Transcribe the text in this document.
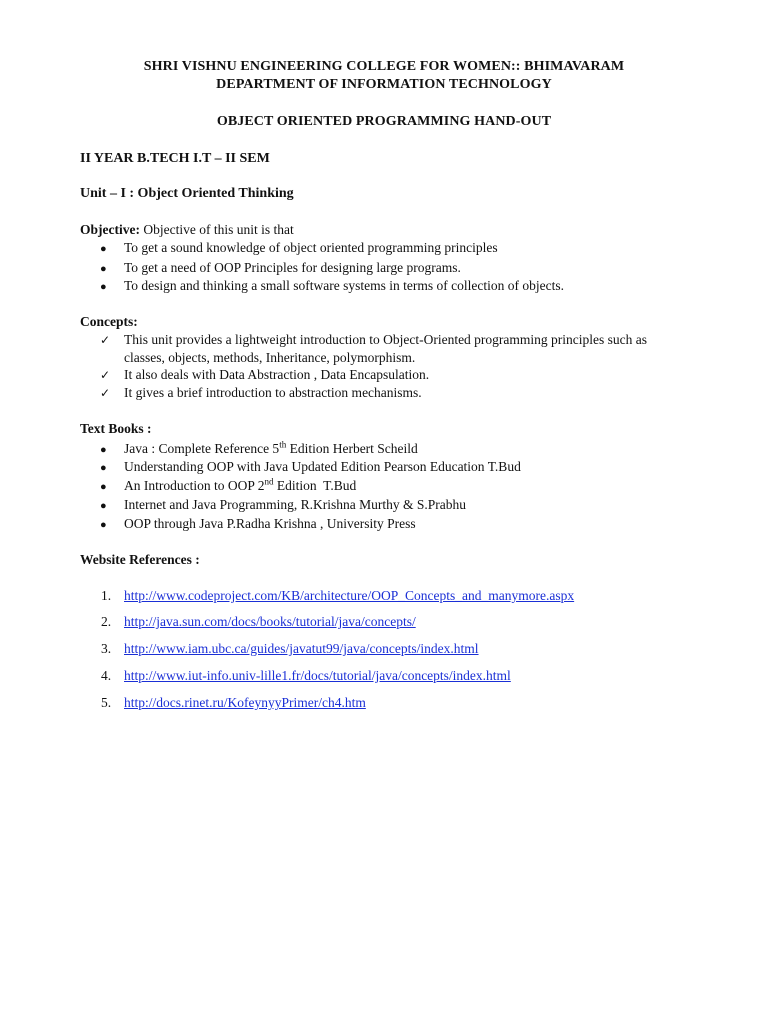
SHRI VISHNU ENGINEERING COLLEGE FOR WOMEN:: BHIMAVARAM
DEPARTMENT OF INFORMATION TECHNOLOGY
OBJECT ORIENTED PROGRAMMING HAND-OUT
II YEAR B.TECH I.T – II SEM
Unit – I : Object Oriented Thinking
Objective: Objective of this unit is that
● To get a sound knowledge of object oriented programming principles
● To get a need of OOP Principles for designing large programs.
● To design and thinking a small software systems in terms of collection of objects.
Concepts:
✓ This unit provides a lightweight introduction to Object-Oriented programming principles such as
classes, objects, methods, Inheritance, polymorphism.
✓ It also deals with Data Abstraction , Data Encapsulation.
✓ It gives a brief introduction to abstraction mechanisms.
Text Books :
● Java : Complete Reference 5th Edition Herbert Scheild
● Understanding OOP with Java Updated Edition Pearson Education T.Bud
● An Introduction to OOP 2nd Edition  T.Bud
● Internet and Java Programming, R.Krishna Murthy & S.Prabhu
● OOP through Java P.Radha Krishna , University Press
Website References :
1. http://www.codeproject.com/KB/architecture/OOP_Concepts_and_manymore.aspx
2. http://java.sun.com/docs/books/tutorial/java/concepts/
3. http://www.iam.ubc.ca/guides/javatut99/java/concepts/index.html
4. http://www.iut-info.univ-lille1.fr/docs/tutorial/java/concepts/index.html
5. http://docs.rinet.ru/KofeynyyPrimer/ch4.htm
